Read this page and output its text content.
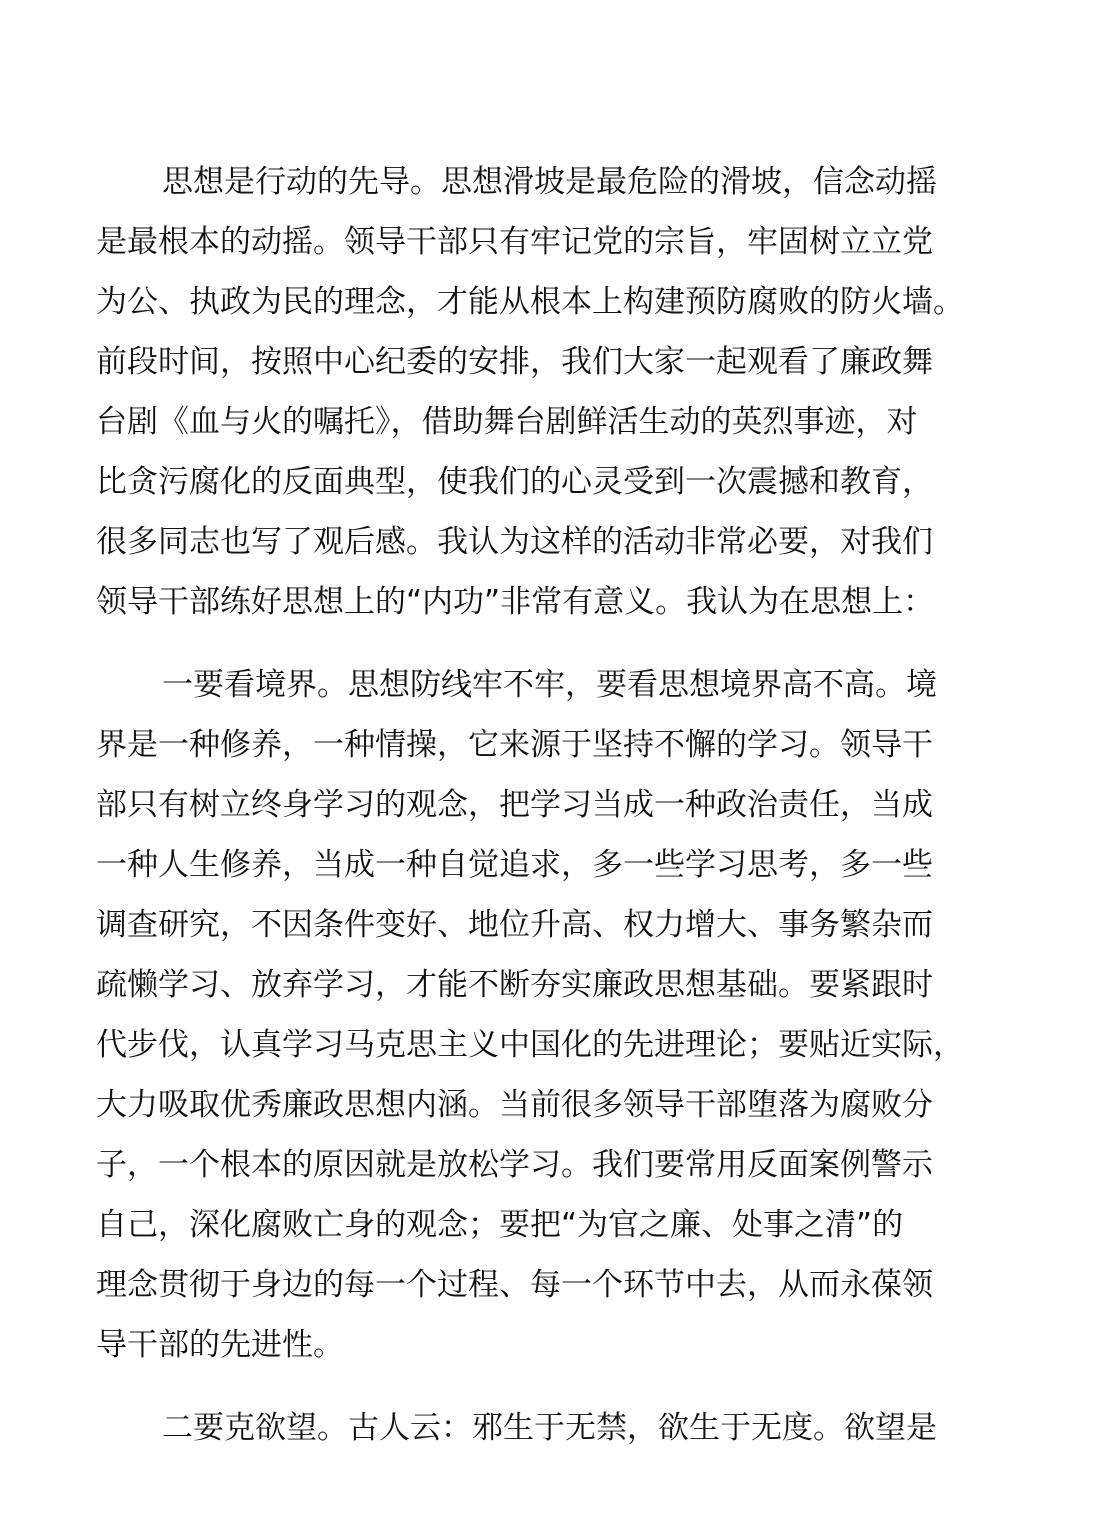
思想是行动的先导。思想滑坡是最危险的滑坡，信念动摇
是最根本的动摇。领导干部只有牢记党的宗旨，牢固树立立党
为公、执政为民的理念，才能从根本上构建预防腐败的防火墙。
前段时间，按照中心纪委的安排，我们大家一起观看了廉政舞
台剧《血与火的嘱托》，借助舞台剧鲜活生动的英烈事迹，对
比贪污腐化的反面典型，使我们的心灵受到一次震撼和教育，
很多同志也写了观后感。我认为这样的活动非常必要，对我们
领导干部练好思想上的“内功”非常有意义。我认为在思想上：
一要看境界。思想防线牢不牢，要看思想境界高不高。境
界是一种修养，一种情操，它来源于坚持不懈的学习。领导干
部只有树立终身学习的观念，把学习当成一种政治责任，当成
一种人生修养，当成一种自觉追求，多一些学习思考，多一些
调查研究，不因条件变好、地位升高、权力增大、事务繁杂而
疏懒学习、放弃学习，才能不断夯实廉政思想基础。要紧跟时
代步伐，认真学习马克思主义中国化的先进理论；要贴近实际，
大力吸取优秀廉政思想内涵。当前很多领导干部堕落为腐败分
子，一个根本的原因就是放松学习。我们要常用反面案例警示
自己，深化腐败亡身的观念；要把“为官之廉、处事之清”的
理念贯彻于身边的每一个过程、每一个环节中去，从而永葆领
导干部的先进性。
二要克欲望。古人云：邪生于无禁，欲生于无度。欲望是
